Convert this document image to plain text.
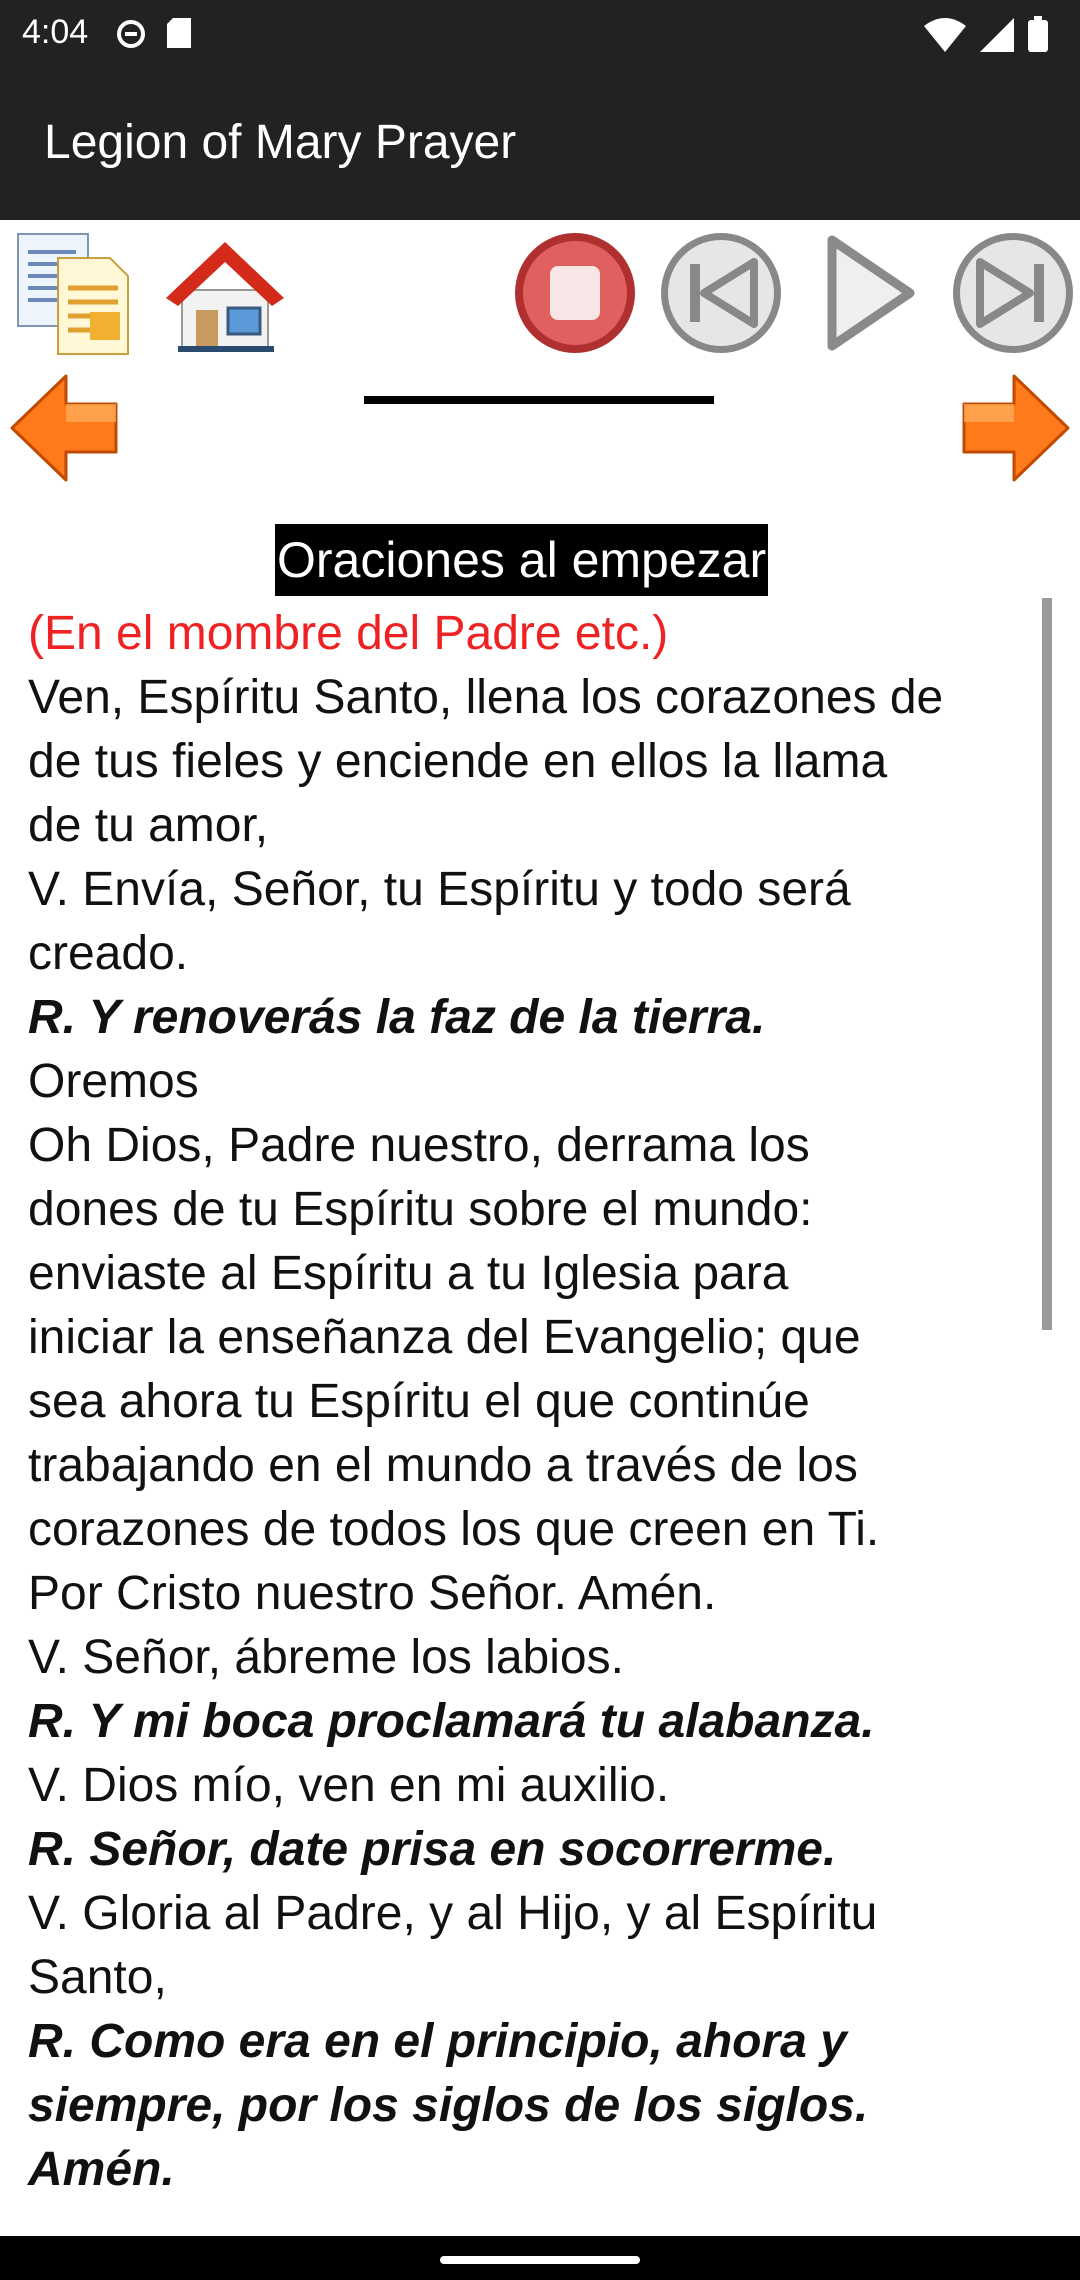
4:04
Legion of Mary Prayer
Oraciones al empezar
(En el mombre del Padre etc.)
Ven, Espíritu Santo, llena los corazones de
de tus fieles y enciende en ellos la llama
de tu amor,
V. Envía, Señor, tu Espíritu y todo será
creado.
R. Y renoverás la faz de la tierra.
Oremos
Oh Dios, Padre nuestro, derrama los
dones de tu Espíritu sobre el mundo:
enviaste al Espíritu a tu Iglesia para
iniciar la enseñanza del Evangelio; que
sea ahora tu Espíritu el que continúe
trabajando en el mundo a través de los
corazones de todos los que creen en Ti.
Por Cristo nuestro Señor. Amén.
V. Señor, ábreme los labios.
R. Y mi boca proclamará tu alabanza.
V. Dios mío, ven en mi auxilio.
R. Señor, date prisa en socorrerme.
V. Gloria al Padre, y al Hijo, y al Espíritu
Santo,
R. Como era en el principio, ahora y
siempre, por los siglos de los siglos.
Amén.
